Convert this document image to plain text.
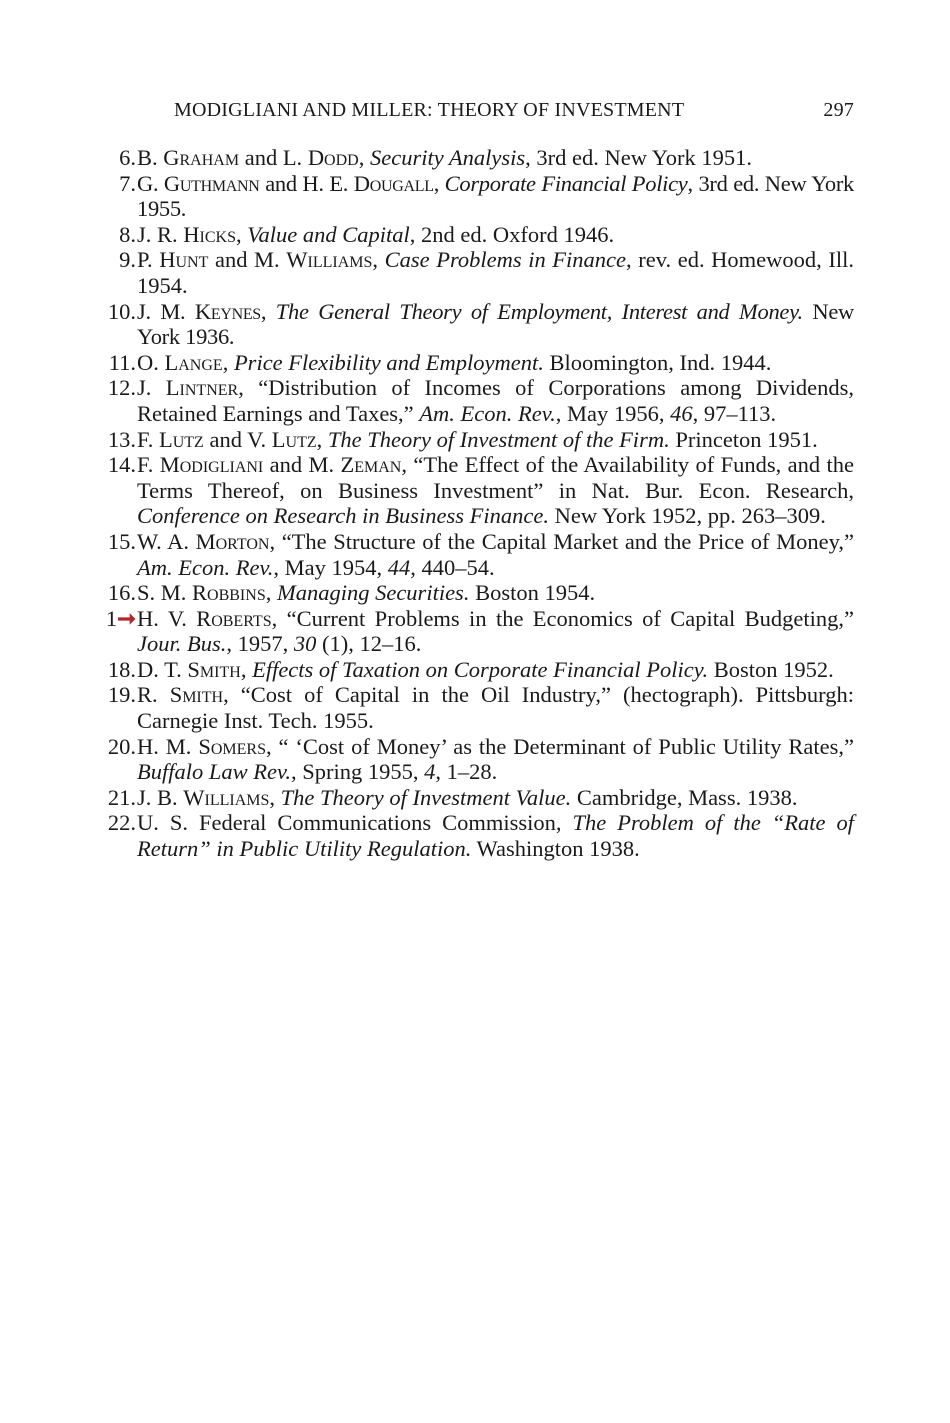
MODIGLIANI AND MILLER: THEORY OF INVESTMENT	297

6. B. Graham and L. Dodd, Security Analysis, 3rd ed. New York 1951.

7. G. Guthmann and H. E. Dougall, Corporate Financial Policy, 3rd ed. New York 1955.

8. J. R. Hicks, Value and Capital, 2nd ed. Oxford 1946.

9. P. Hunt and M. Williams, Case Problems in Finance, rev. ed. Homewood, Ill. 1954.

10. J. M. Keynes, The General Theory of Employment, Interest and Money. New York 1936.

11. O. Lange, Price Flexibility and Employment. Bloomington, Ind. 1944.

12. J. Lintner, “Distribution of Incomes of Corporations among Dividends, Retained Earnings and Taxes,” Am. Econ. Rev., May 1956, 46, 97–113.

13. F. Lutz and V. Lutz, The Theory of Investment of the Firm. Princeton 1951.

14. F. Modigliani and M. Zeman, “The Effect of the Availability of Funds, and the Terms Thereof, on Business Investment” in Nat. Bur. Econ. Research, Conference on Research in Business Finance. New York 1952, pp. 263–309.

15. W. A. Morton, “The Structure of the Capital Market and the Price of Money,” Am. Econ. Rev., May 1954, 44, 440–54.

16. S. M. Robbins, Managing Securities. Boston 1954.

1➞ H. V. Roberts, “Current Problems in the Economics of Capital Budgeting,” Jour. Bus., 1957, 30 (1), 12–16.

18. D. T. Smith, Effects of Taxation on Corporate Financial Policy. Boston 1952.

19. R. Smith, “Cost of Capital in the Oil Industry,” (hectograph). Pittsburgh: Carnegie Inst. Tech. 1955.

20. H. M. Somers, “ ‘Cost of Money’ as the Determinant of Public Utility Rates,” Buffalo Law Rev., Spring 1955, 4, 1–28.

21. J. B. Williams, The Theory of Investment Value. Cambridge, Mass. 1938.

22. U. S. Federal Communications Commission, The Problem of the “Rate of Return” in Public Utility Regulation. Washington 1938.
